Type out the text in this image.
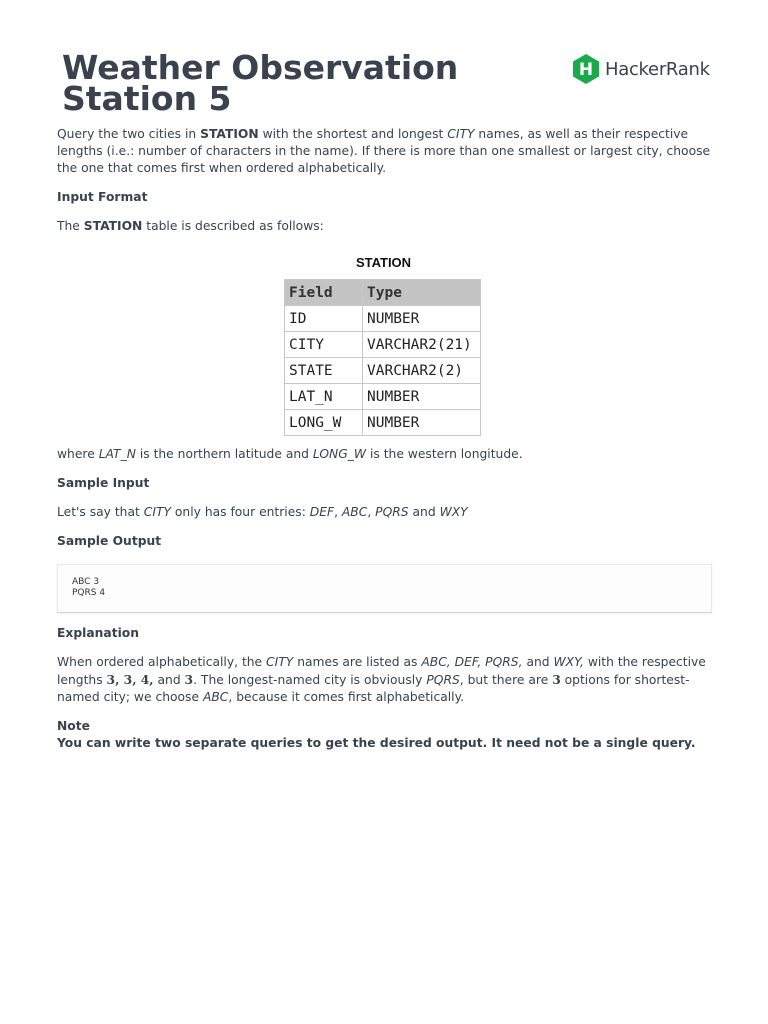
Weather Observation
Station 5
H HackerRank

Query the two cities in STATION with the shortest and longest CITY names, as well as their respective lengths (i.e.: number of characters in the name). If there is more than one smallest or largest city, choose the one that comes first when ordered alphabetically.

Input Format

The STATION table is described as follows:

STATION
Field	Type
ID	NUMBER
CITY	VARCHAR2(21)
STATE	VARCHAR2(2)
LAT_N	NUMBER
LONG_W	NUMBER

where LAT_N is the northern latitude and LONG_W is the western longitude.

Sample Input

Let's say that CITY only has four entries: DEF, ABC, PQRS and WXY

Sample Output

ABC 3
PQRS 4

Explanation

When ordered alphabetically, the CITY names are listed as ABC, DEF, PQRS, and WXY, with the respective lengths 3, 3, 4, and 3. The longest-named city is obviously PQRS, but there are 3 options for shortest-named city; we choose ABC, because it comes first alphabetically.

Note

You can write two separate queries to get the desired output. It need not be a single query.
